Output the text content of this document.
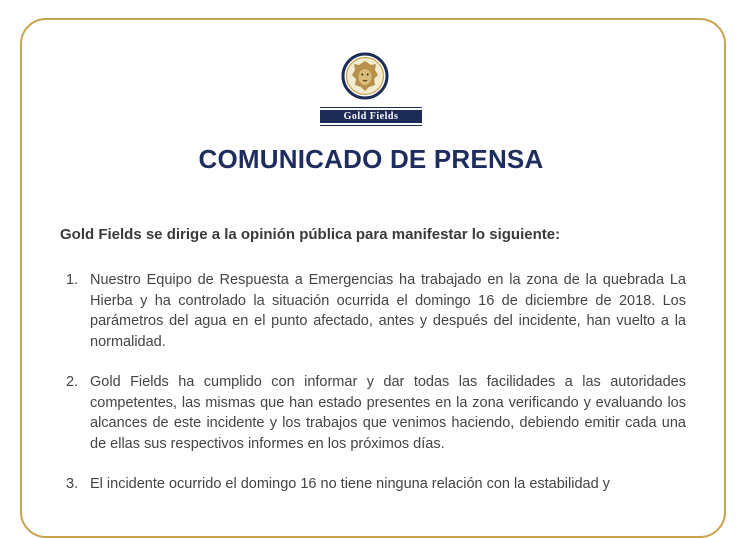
Gold Fields
COMUNICADO DE PRENSA
Gold Fields se dirige a la opinión pública para manifestar lo siguiente:
1. Nuestro Equipo de Respuesta a Emergencias ha trabajado en la zona de la quebrada La Hierba y ha controlado la situación ocurrida el domingo 16 de diciembre de 2018. Los parámetros del agua en el punto afectado, antes y después del incidente, han vuelto a la normalidad.
2. Gold Fields ha cumplido con informar y dar todas las facilidades a las autoridades competentes, las mismas que han estado presentes en la zona verificando y evaluando los alcances de este incidente y los trabajos que venimos haciendo, debiendo emitir cada una de ellas sus respectivos informes en los próximos días.
3. El incidente ocurrido el domingo 16 no tiene ninguna relación con la estabilidad y
